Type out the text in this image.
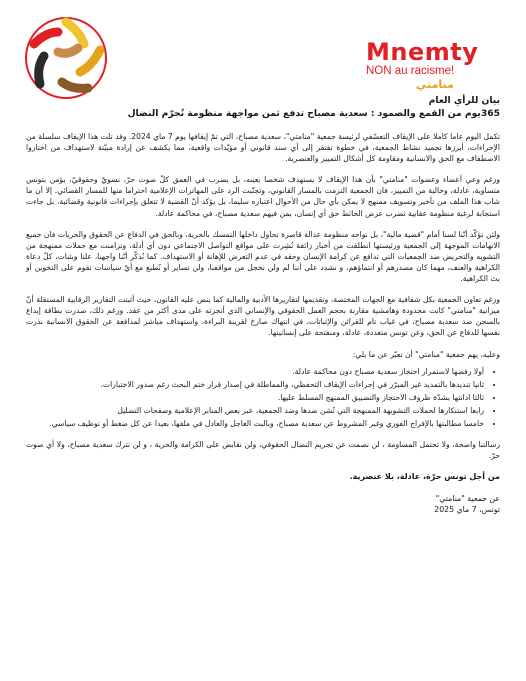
Mnemty
NON au racisme!
منامتي
بيان للرأي العام
365يوم من القمع والصمود : سعدية مصباح تدفع ثمن مواجهة منظومة تُجرّم النضال

تكمل اليوم عاما كاملا على الإيقاف التعسّفي لرئيسة جمعية "منامتي"، سعدية مصباح، التي تمّ إيقافها يوم 7 ماي 2024. وقد تلت هذا الإيقاف سلسلة من الإجراءات، أبرزها تجميد نشاط الجمعية، في خطوة تفتقر إلى أي سند قانوني أو مؤيّدات واقعية، مما يكشف عن إرادة مبيّتة لاستهداف من اختاروا الاصطفاف مع الحق والانسانية ومقاومة كل أشكال التمييز والعنصرية.

ورغم وعي أعضاء وعضوات "منامتي" بأن هذا الإيقاف لا يستهدف شخصا بعينه، بل يضرب في العمق كلّ صوت حرّ، نسويّ وحقوقيّ، يؤمن بتونس متساوية، عادلة، وخالية من التمييز، فان الجمعية التزمت بالمسار القانوني، وتجنّبت الرد على المهاترات الإعلامية احتراما منها للمسار القضائي. إلا أن ما شاب هذا الملف من تأخير وتسويف ممنهج لا يمكن بأي حال من الأحوال اعتباره سليما، بل يؤكد أنّ القضية لا تتعلق بإجراءات قانونية وقضائية، بل جاءت استجابة لرغبة منظومة عقابية تضرب عرض الحائط حق أي إنسان، بمن فيهم سعدية مصباح، في محاكمة عادلة.

ولئن تؤكّد أنّنا لسنا أمام "قضية مالية"، بل نواجه منظومة عدالة قاصرة تحاول داخلها التمسك بالحرية، وبالحق في الدفاع عن الحقوق والحريات فان جميع الاتهامات الموجهة إلى الجمعية ورئيستها انطلقت من أخبار زائفة نُشِرت على مواقع التواصل الاجتماعي دون أي أدلة، وتزامنت مع حملات ممنهجة من التشويه والتحريض ضد الجمعيات التي تدافع عن كرامة الإنسان وحقه في عدم التعرض للإهانة أو الاستهداف. كما نُذكّر أنّنا واجهنا، علنا وبثبات، كلّ دعاة الكراهية والعنف، مهما كان مصدرهم أو انتماؤهم، و نشدد على أننا لم ولن نخجل من مواقفنا، ولن نساير أو نُطبع مع أيّ سياسات تقوم على التخوين أو بث الكراهية.

ورغم تعاون الجمعية بكل شفافية مع الجهات المختصة، وتقديمها لتقاريرها الأدبية والمالية كما ينص عليه القانون، حيث أثبتت التقارير الرقابية المستقلة أنّ ميزانية "منامتي" كانت محدودة وهامشية مقارنة بحجم العمل الحقوقي والإنساني الذي أنجزته على مدى أكثر من عقد. ورغم ذلك، صدرت بطاقة إيداع بالسجن ضد سعدية مصباح، في غياب تام للقرائن والإثباتات، في انتهاك صارخ لقرينة البراءة، واستهداف مباشر لمدافعة عن الحقوق الانسانية نذرت نفسها للدفاع عن الحق، وعن تونس متعددة، عادلة، ومنفتحة على إنسانيتها.

وعليه، يهم جمعية "منامتي" أن تعبّر عن ما يلي:
• أولا رفضها لاستمرار احتجاز سعدية مصباح دون محاكمة عادلة.
• ثانيا تنديدها بالتمديد غير المبرّر في إجراءات الإيقاف التحفظي، والمماطلة في إصدار قرار ختم البحث رغم صدور الاختبارات.
• ثالثا ادانتها بشدّة ظروف الاحتجاز والتضييق الممنهج المسلط عليها.
• رابعا استنكارها لحملات التشويهة الممنهجة التي تُشن ضدها وضد الجمعية، عبر بعض المنابر الإعلامية وصفحات التضليل
• خامسا مطالبتها بالإفراج الفوري وغير المشروط عن سعدية مصباح، وبالبت العاجل والعادل في ملفها، بعيدا عن كل ضغط أو توظيف سياسي.

رسالتنا واضحة، ولا تحتمل المساومة ، لن نصمت عن تجريم النضال الحقوقي، ولن نقايض على الكرامة والحرية ، و لن نترك سعدية مصباح، ولا أي صوت حرّ.

من أجل تونس حرّة، عادلة، بلا عنصرية.
عن جمعية "منامتي"
تونس، 7 ماي 2025
